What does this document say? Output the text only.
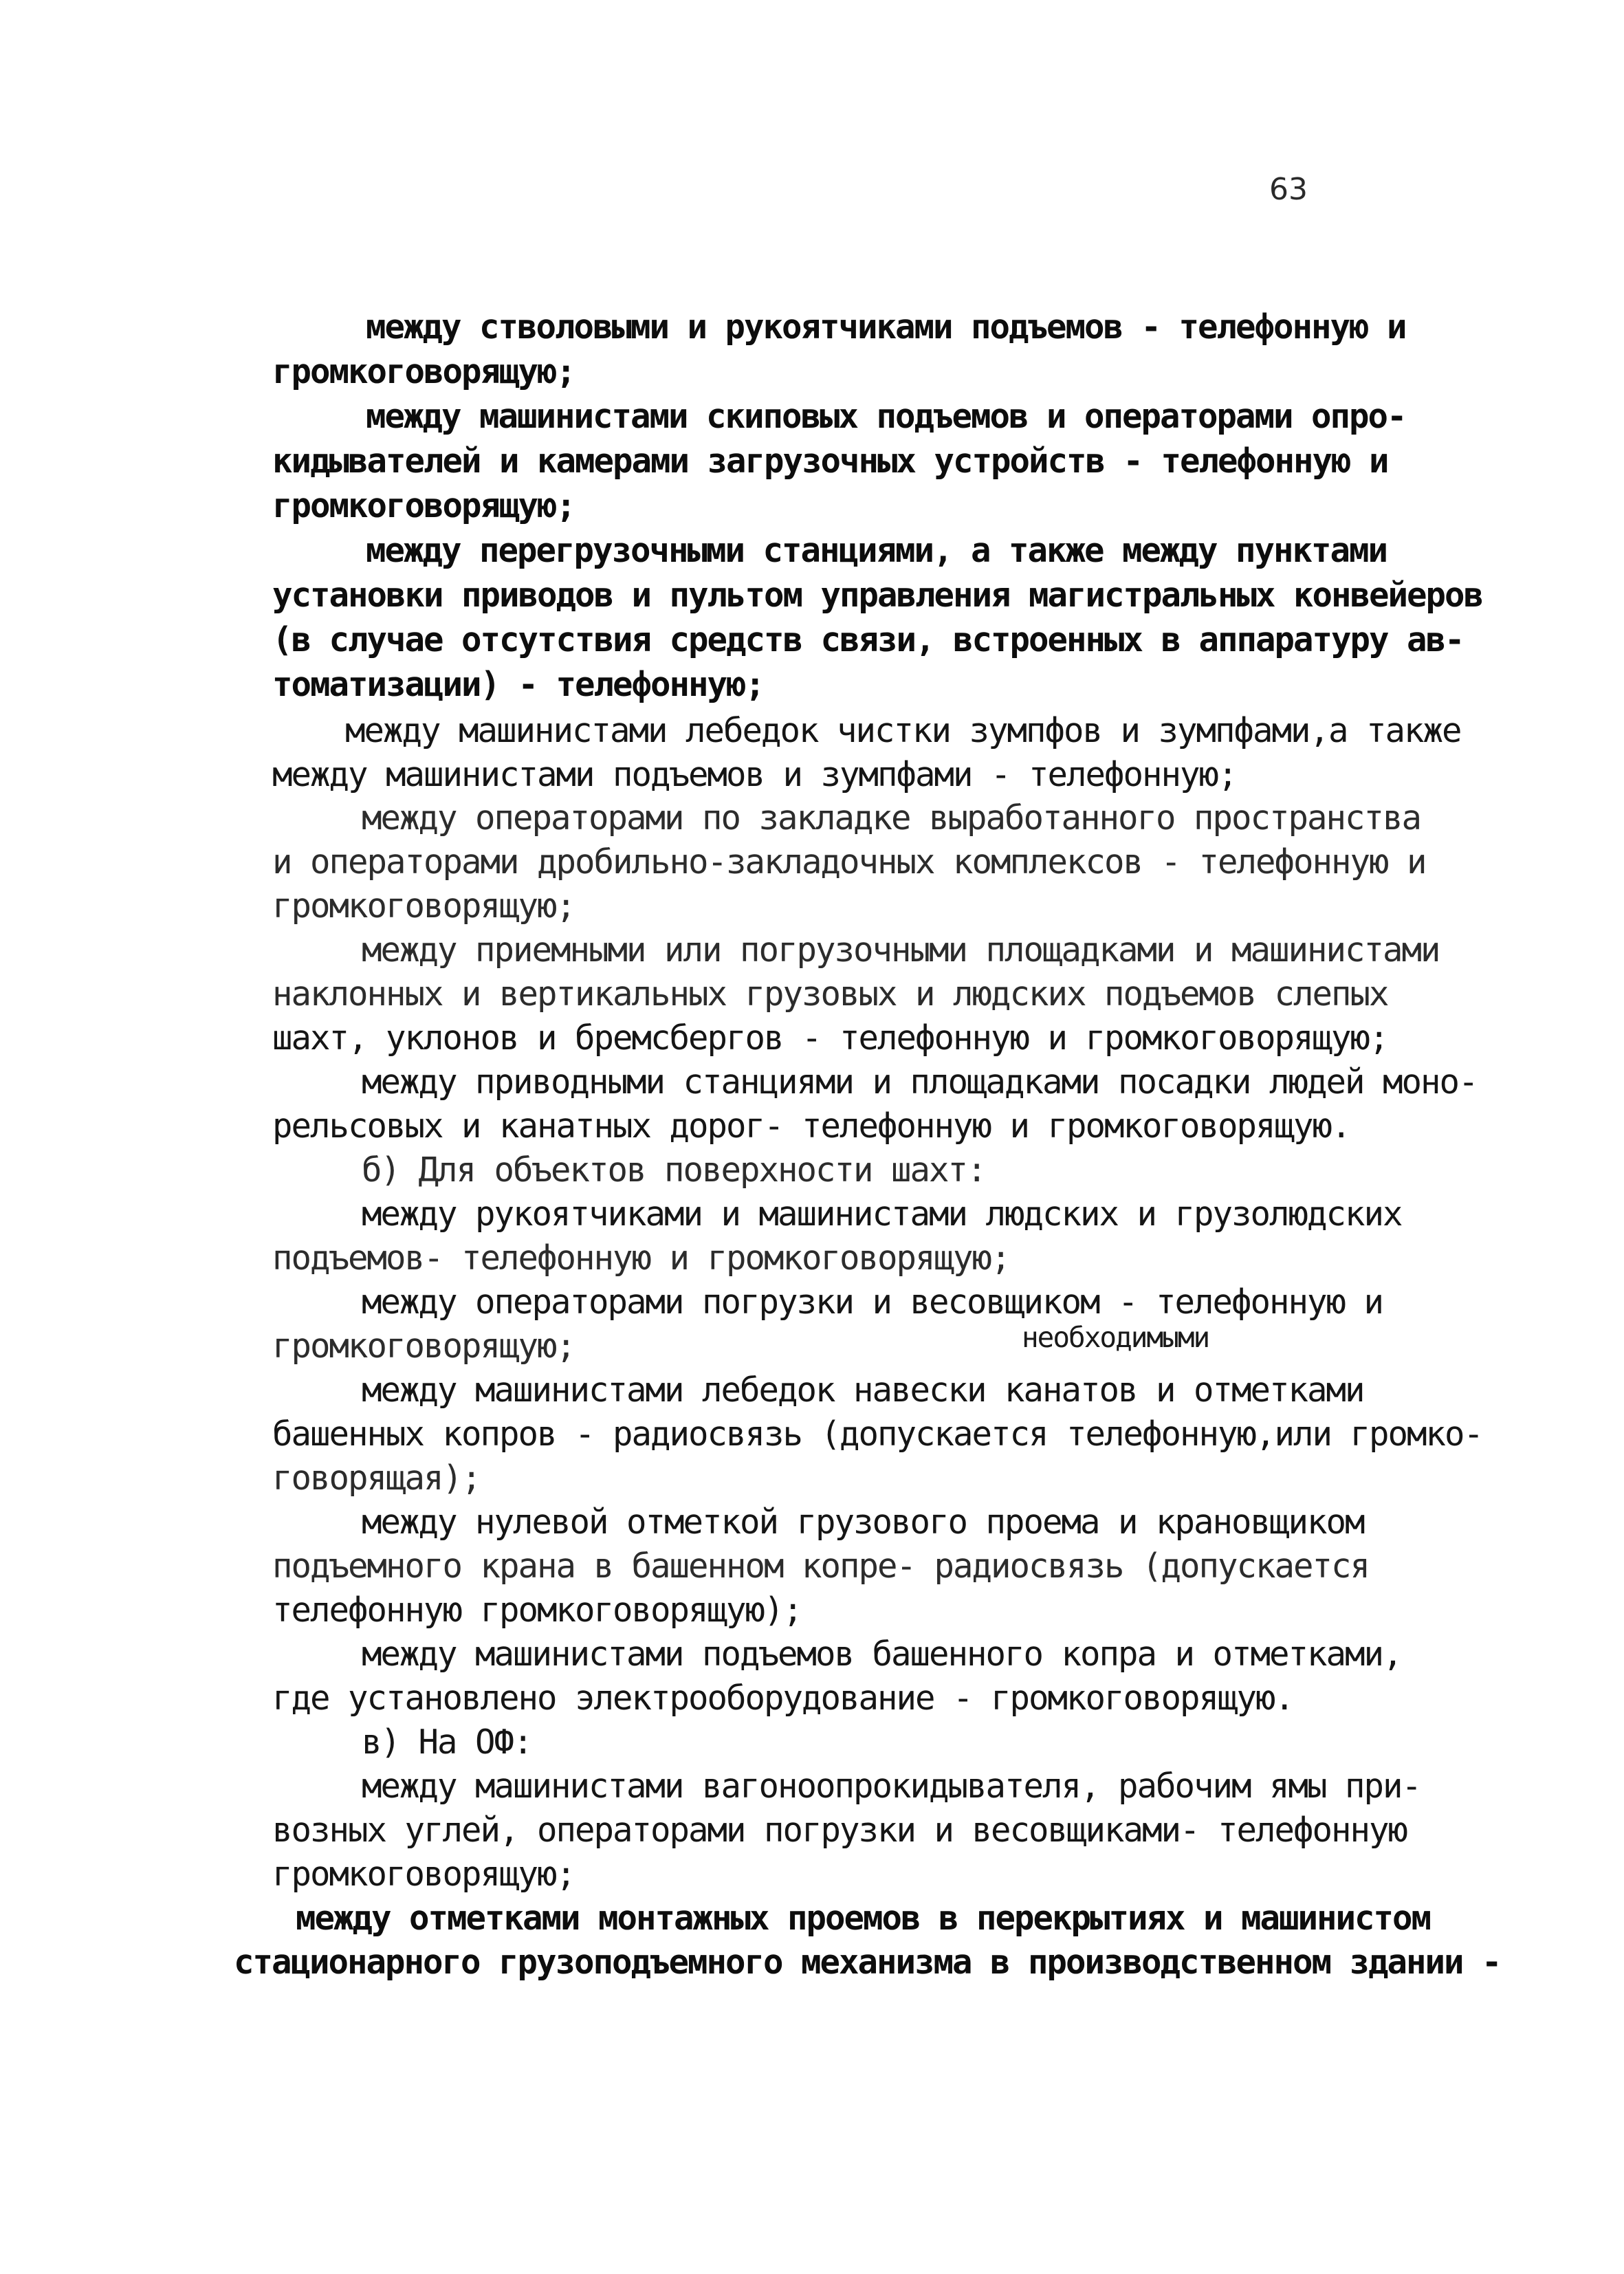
63

между стволовыми и рукоятчиками подъемов - телефонную и

громкоговорящую;

между машинистами скиповых подъемов и операторами опро-

кидывателей и камерами загрузочных устройств - телефонную и

громкоговорящую;

между перегрузочными станциями, а также между пунктами

установки приводов и пультом управления магистральных конвейеров

(в случае отсутствия средств связи, встроенных в аппаратуру ав-

томатизации) - телефонную;

между машинистами лебедок чистки зумпфов и зумпфами,а также

между машинистами подъемов и зумпфами - телефонную;

между операторами по закладке выработанного пространства

и операторами дробильно-закладочных комплексов - телефонную и

громкоговорящую;

между приемными или погрузочными площадками и машинистами

наклонных и вертикальных грузовых и людских подъемов слепых

шахт, уклонов и бремсбергов - телефонную и громкоговорящую;

между приводными станциями и площадками посадки людей моно-

рельсовых и канатных дорог- телефонную и громкоговорящую.

б) Для объектов поверхности шахт:

между рукоятчиками и машинистами людских и грузолюдских

подъемов- телефонную и громкоговорящую;

между операторами погрузки и весовщиком - телефонную и

громкоговорящую;	необходимыми

между машинистами лебедок навески канатов и отметками

башенных копров - радиосвязь (допускается телефонную,или громко-

говорящая);

между нулевой отметкой грузового проема и крановщиком

подъемного крана в башенном копре- радиосвязь (допускается

телефонную громкоговорящую);

между машинистами подъемов башенного копра и отметками,

где установлено электрооборудование - громкоговорящую.

в) На ОФ:

между машинистами вагоноопрокидывателя, рабочим ямы при-

возных углей, операторами погрузки и весовщиками- телефонную

громкоговорящую;

между отметками монтажных проемов в перекрытиях и машинистом

стационарного грузоподъемного механизма в производственном здании -
